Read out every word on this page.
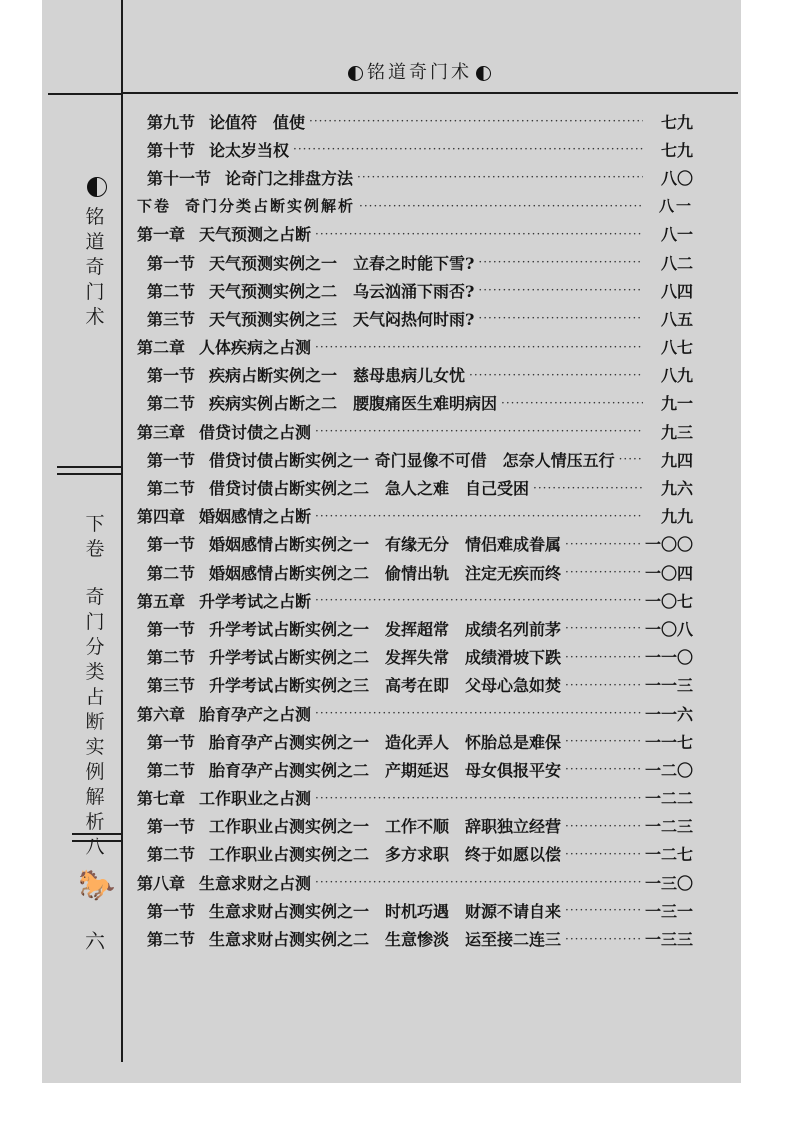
铭道奇门术
铭
道
奇
门
术
下
卷
奇
门
分
类
占
断
实
例
解
析
八
🐎
六
第九节 论值符　值使 ·····	七九
第十节 论太岁当权 ·····	七九
第十一节 论奇门之排盘方法 ·····	八〇
下卷 奇门分类占断实例解析 ·····	八一
第一章 天气预测之占断 ·····	八一
第一节 天气预测实例之一　立春之时能下雪? ·····	八二
第二节 天气预测实例之二　乌云汹涌下雨否? ·····	八四
第三节 天气预测实例之三　天气闷热何时雨? ·····	八五
第二章 人体疾病之占测 ·····	八七
第一节 疾病占断实例之一　慈母患病儿女忧 ·····	八九
第二节 疾病实例占断之二　腰腹痛医生难明病因 ·····	九一
第三章 借贷讨债之占测 ·····	九三
第一节 借贷讨债占断实例之一 奇门显像不可借　怎奈人情压五行 ·····	九四
第二节 借贷讨债占断实例之二　急人之难　自己受困 ·····	九六
第四章 婚姻感情之占断 ·····	九九
第一节 婚姻感情占断实例之一　有缘无分　情侣难成眷属 ·····	一〇〇
第二节 婚姻感情占断实例之二　偷情出轨　注定无疾而终 ·····	一〇四
第五章 升学考试之占断 ·····	一〇七
第一节 升学考试占断实例之一　发挥超常　成绩名列前茅 ·····	一〇八
第二节 升学考试占断实例之二　发挥失常　成绩滑坡下跌 ·····	一一〇
第三节 升学考试占断实例之三　高考在即　父母心急如焚 ·····	一一三
第六章 胎育孕产之占测 ·····	一一六
第一节 胎育孕产占测实例之一　造化弄人　怀胎总是难保 ·····	一一七
第二节 胎育孕产占测实例之二　产期延迟　母女俱报平安 ·····	一二〇
第七章 工作职业之占测 ·····	一二二
第一节 工作职业占测实例之一　工作不顺　辞职独立经营 ·····	一二三
第二节 工作职业占测实例之二　多方求职　终于如愿以偿 ·····	一二七
第八章 生意求财之占测 ·····	一三〇
第一节 生意求财占测实例之一　时机巧遇　财源不请自来 ·····	一三一
第二节 生意求财占测实例之二　生意惨淡　运至接二连三 ·····	一三三
